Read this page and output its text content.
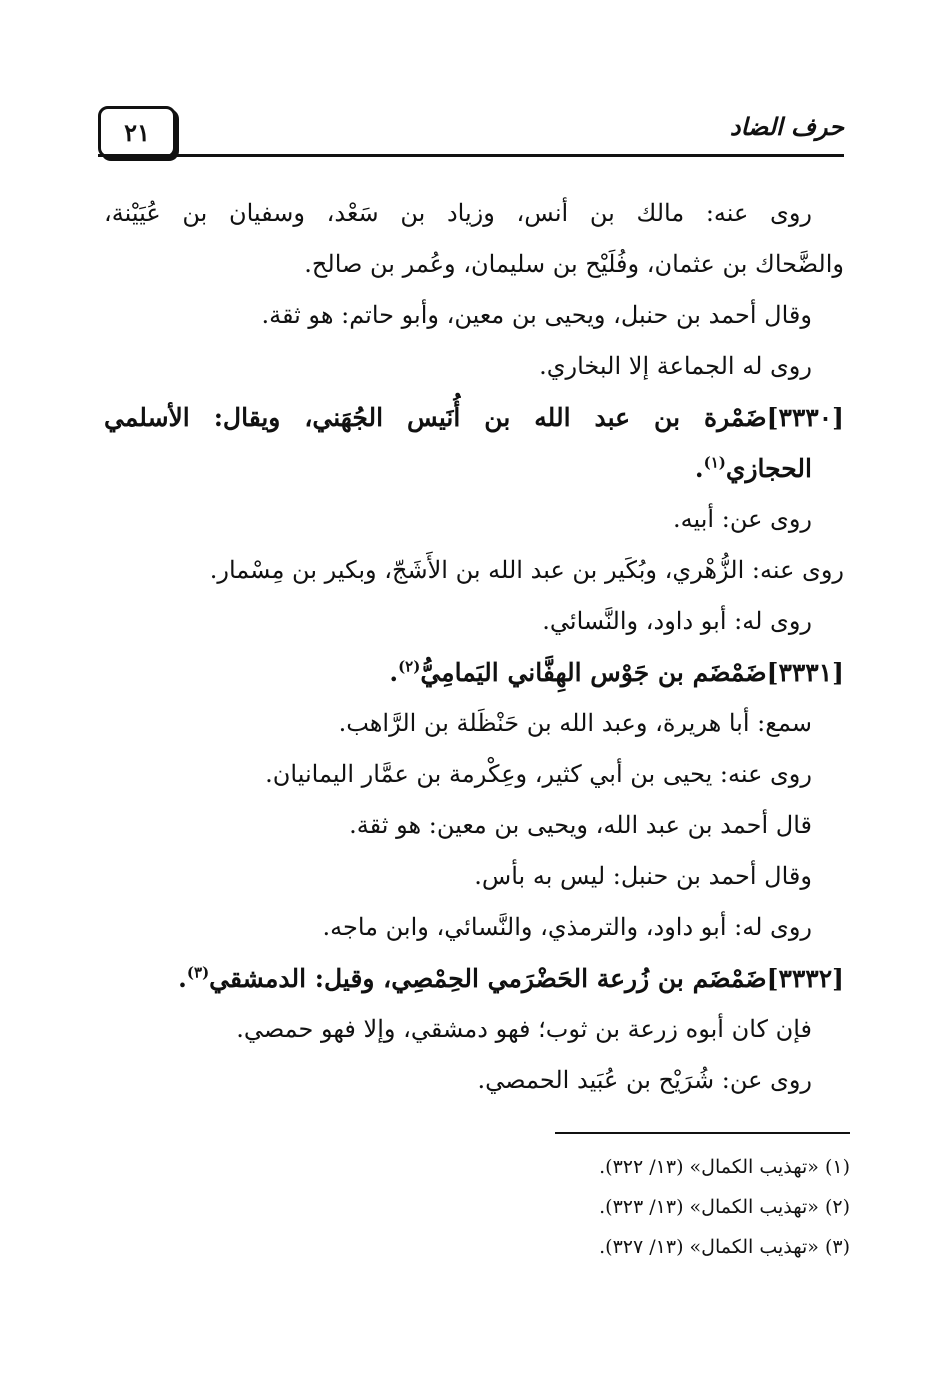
٢١	حرف الضاد
روى عنه: مالك بن أنس، وزياد بن سَعْد، وسفيان بن عُيَيْنة،
والضَّحاك بن عثمان، وفُلَيْح بن سليمان، وعُمر بن صالح.
وقال أحمد بن حنبل، ويحيى بن معين، وأبو حاتم: هو ثقة.
روى له الجماعة إلا البخاري.
[٣٣٣٠]ضَمْرة بن عبد الله بن أُنَيس الجُهَني، ويقال: الأسلمي
الحجازي$^{(١)}$.
روى عن: أبيه.
روى عنه: الزُّهْري، وبُكَير بن عبد الله بن الأَشَجّ، وبكير بن مِسْمار.
روى له: أبو داود، والنَّسائي.
[٣٣٣١]ضَمْضَم بن جَوْس الهِفَّاني اليَمامِيُّ$^{(٢)}$.
سمع: أبا هريرة، وعبد الله بن حَنْظَلة بن الرَّاهب.
روى عنه: يحيى بن أبي كثير، وعِكْرمة بن عمَّار اليمانيان.
قال أحمد بن عبد الله، ويحيى بن معين: هو ثقة.
وقال أحمد بن حنبل: ليس به بأس.
روى له: أبو داود، والترمذي، والنَّسائي، وابن ماجه.
[٣٣٣٢]ضَمْضَم بن زُرعة الحَضْرَمي الحِمْصِي، وقيل: الدمشقي$^{(٣)}$.
فإن كان أبوه زرعة بن ثوب؛ فهو دمشقي، وإلا فهو حمصي.
روى عن: شُرَيْح بن عُبَيد الحمصي.
(١) «تهذيب الكمال» (١٣/ ٣٢٢).
(٢) «تهذيب الكمال» (١٣/ ٣٢٣).
(٣) «تهذيب الكمال» (١٣/ ٣٢٧).
